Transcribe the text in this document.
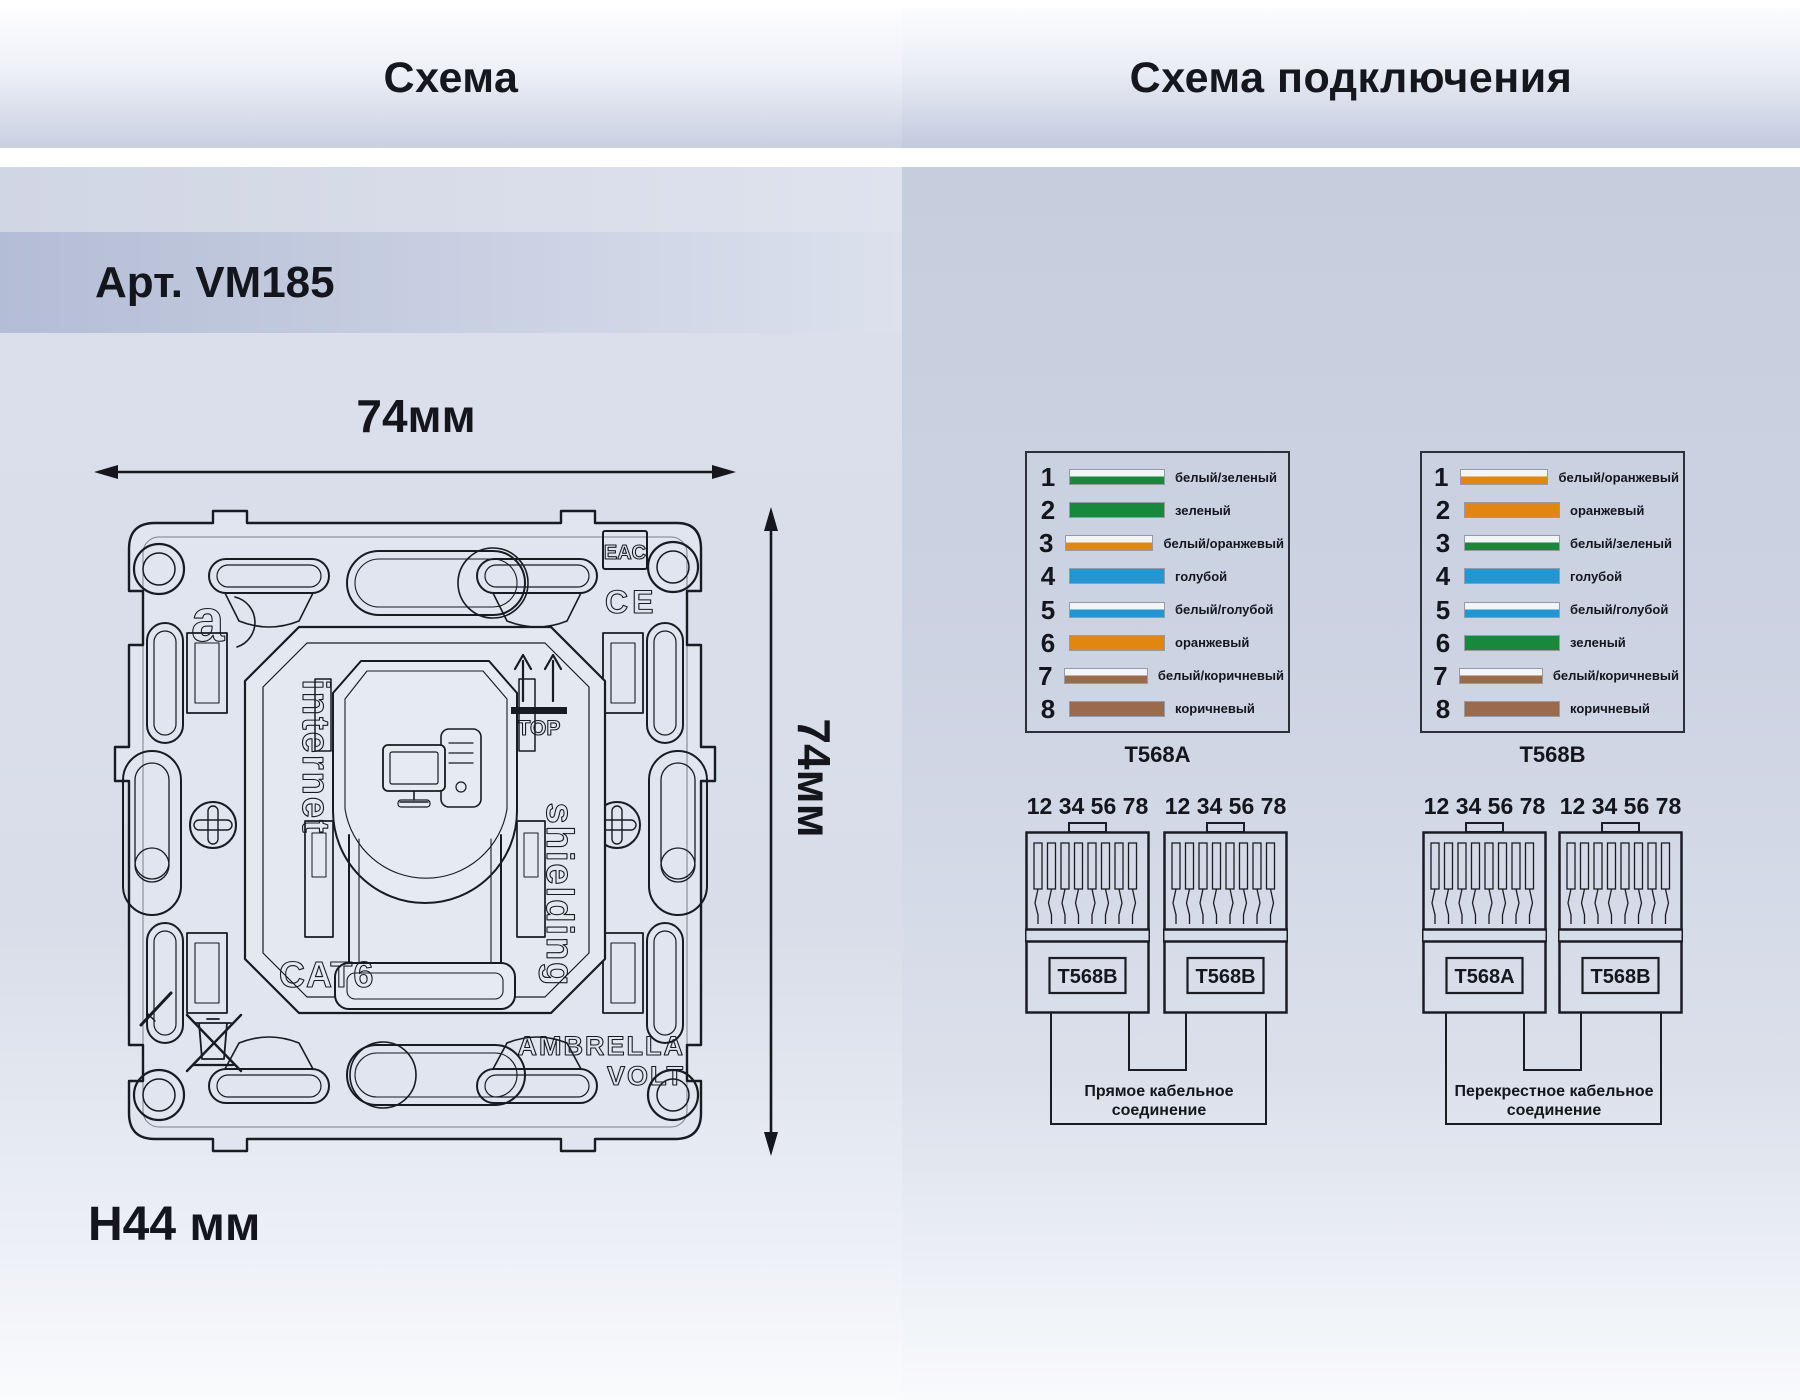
Схема
Арт. VM185
74мм
TOP
internet
shielding
CAT6
AMBRELLA
VOLT
EAC
CE
a
74мм
H44 мм
Схема подключения
1	белый/зеленый
2	зеленый
3	белый/оранжевый
4	голубой
5	белый/голубой
6	оранжевый
7	белый/коричневый
8	коричневый
T568A
1	белый/оранжевый
2	оранжевый
3	белый/зеленый
4	голубой
5	белый/голубой
6	зеленый
7	белый/коричневый
8	коричневый
T568B
12 34 56 78
T568B
12 34 56 78
T568B
Прямое кабельное соединение
12 34 56 78
T568A
12 34 56 78
T568B
Перекрестное кабельное соединение
